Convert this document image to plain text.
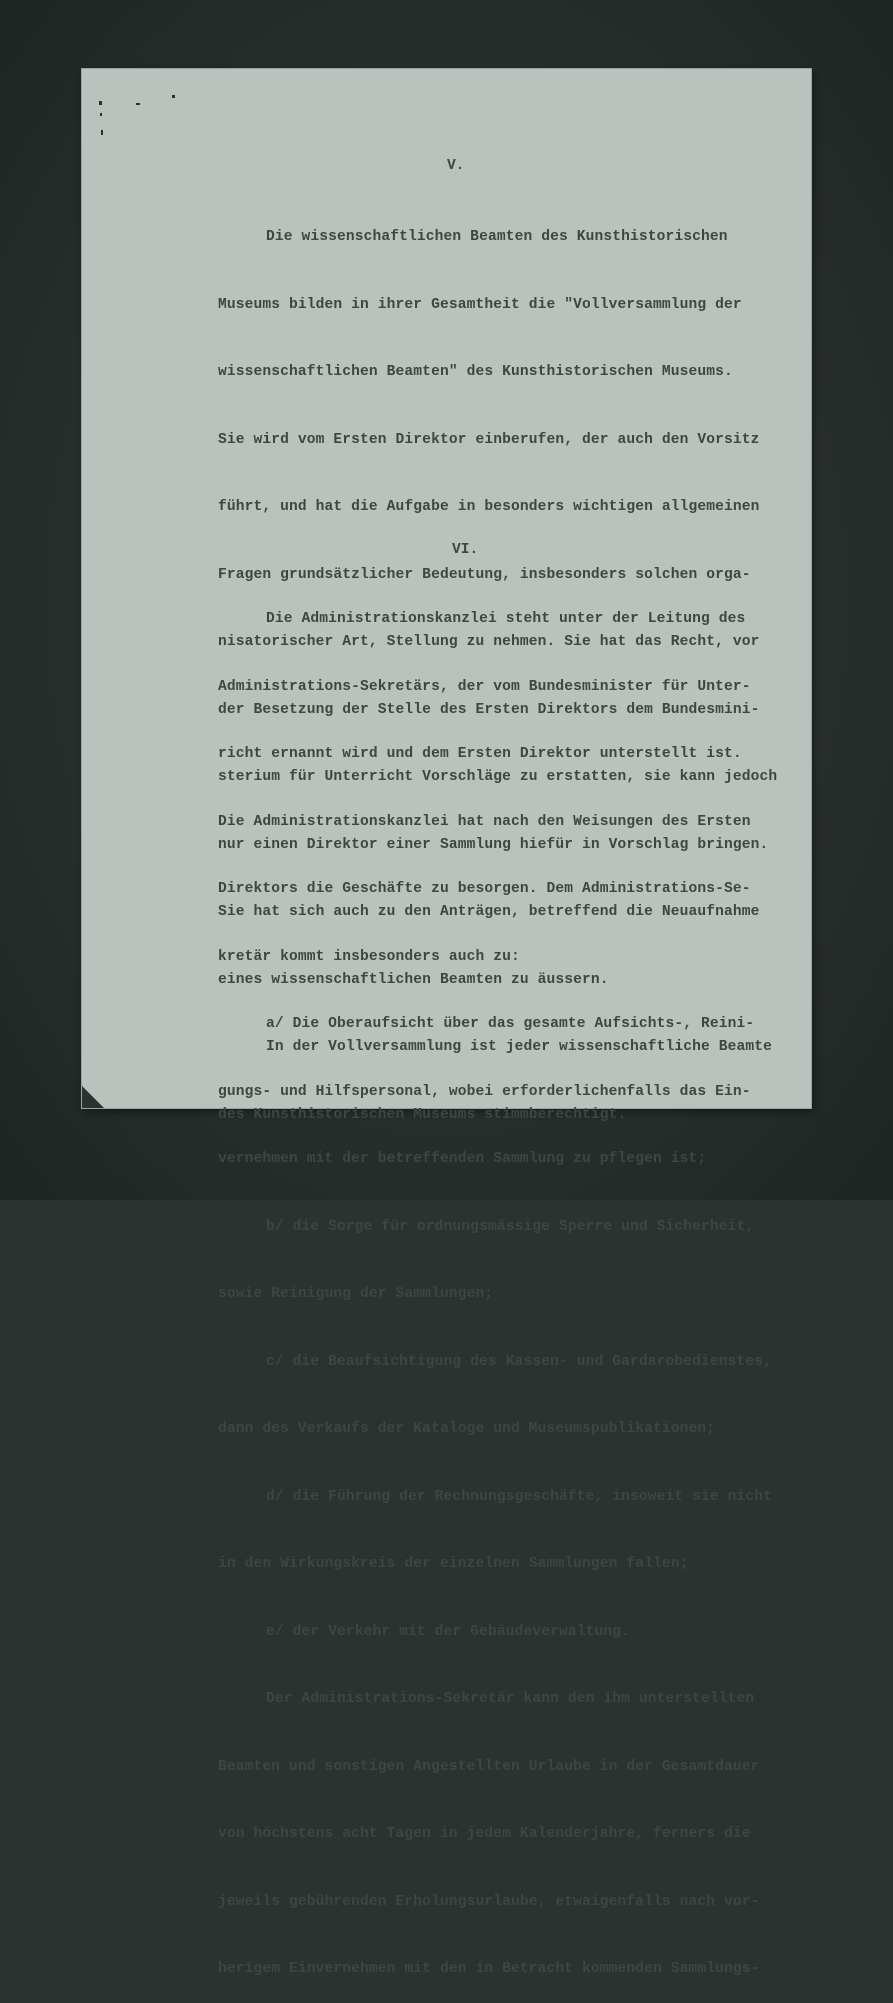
V.

Die wissenschaftlichen Beamten des Kunsthistorischen

Museums bilden in ihrer Gesamtheit die "Vollversammlung der

wissenschaftlichen Beamten" des Kunsthistorischen Museums.

Sie wird vom Ersten Direktor einberufen, der auch den Vorsitz

führt, und hat die Aufgabe in besonders wichtigen allgemeinen

Fragen grundsätzlicher Bedeutung, insbesonders solchen orga-

nisatorischer Art, Stellung zu nehmen. Sie hat das Recht, vor

der Besetzung der Stelle des Ersten Direktors dem Bundesmini-

sterium für Unterricht Vorschläge zu erstatten, sie kann jedoch

nur einen Direktor einer Sammlung hiefür in Vorschlag bringen.

Sie hat sich auch zu den Anträgen, betreffend die Neuaufnahme

eines wissenschaftlichen Beamten zu äussern.

In der Vollversammlung ist jeder wissenschaftliche Beamte

des Kunsthistorischen Museums stimmberechtigt.

VI.

Die Administrationskanzlei steht unter der Leitung des

Administrations-Sekretärs, der vom Bundesminister für Unter-

richt ernannt wird und dem Ersten Direktor unterstellt ist.

Die Administrationskanzlei hat nach den Weisungen des Ersten

Direktors die Geschäfte zu besorgen. Dem Administrations-Se-

kretär kommt insbesonders auch zu:

a/ Die Oberaufsicht über das gesamte Aufsichts-, Reini-

gungs- und Hilfspersonal, wobei erforderlichenfalls das Ein-

vernehmen mit der betreffenden Sammlung zu pflegen ist;

b/ die Sorge für ordnungsmässige Sperre und Sicherheit,

sowie Reinigung der Sammlungen;

c/ die Beaufsichtigung des Kassen- und Gardarobedienstes,

dann des Verkaufs der Kataloge und Museumspublikationen;

d/ die Führung der Rechnungsgeschäfte, insoweit sie nicht

in den Wirkungskreis der einzelnen Sammlungen fallen;

e/ der Verkehr mit der Gebäudeverwaltung.

Der Administrations-Sekretär kann den ihm unterstellten

Beamten und sonstigen Angestellten Urlaube in der Gesamtdauer

von höchstens acht Tagen in jedem Kalenderjahre, ferners die

jeweils gebührenden Erholungsurlaube, etwaigenfalls nach vor-

herigem Einvernehmen mit den in Betracht kommenden Sammlungs-
